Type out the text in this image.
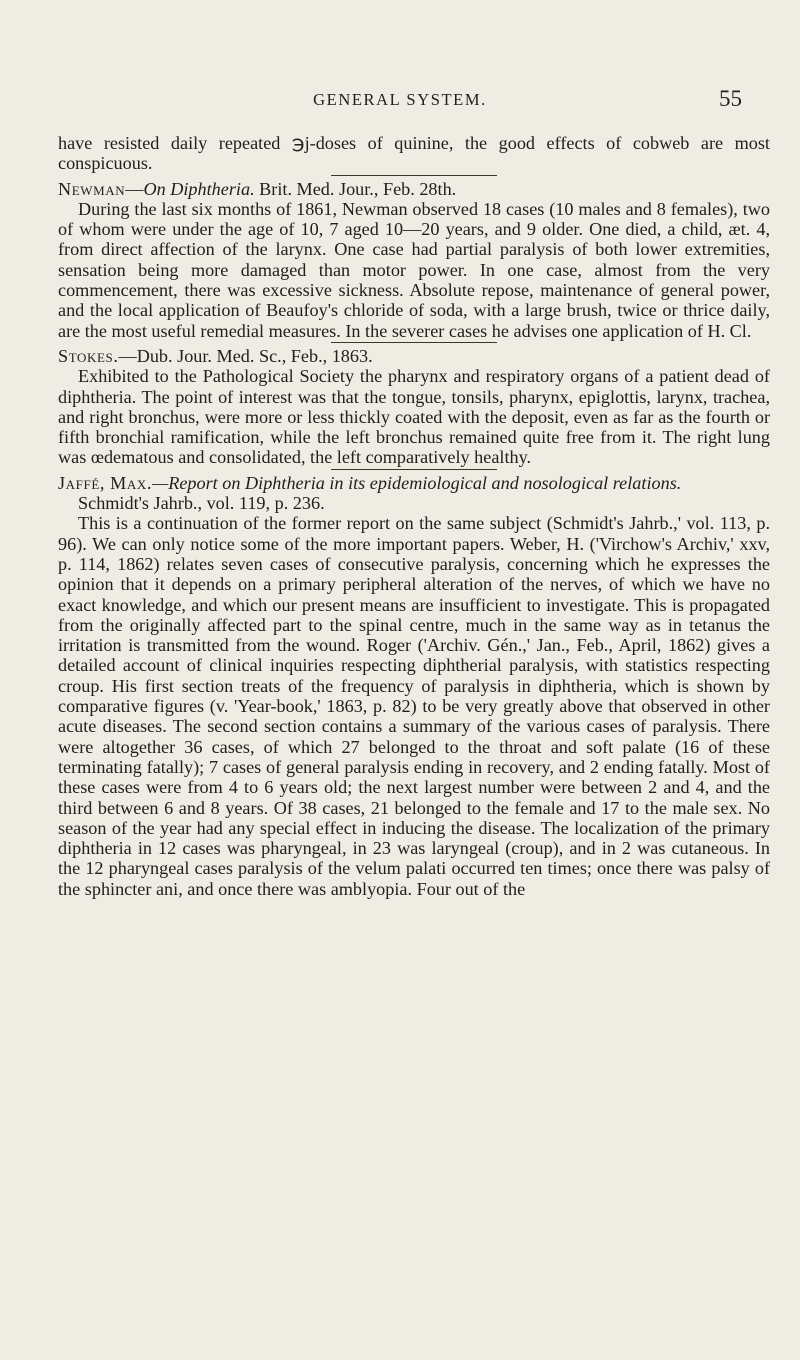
GENERAL SYSTEM.	55

have resisted daily repeated ℈j-doses of quinine, the good effects of cobweb are most conspicuous.

Newman—On Diphtheria. Brit. Med. Jour., Feb. 28th.

During the last six months of 1861, Newman observed 18 cases (10 males and 8 females), two of whom were under the age of 10, 7 aged 10—20 years, and 9 older. One died, a child, æt. 4, from direct affection of the larynx. One case had partial paralysis of both lower extremities, sensation being more damaged than motor power. In one case, almost from the very commencement, there was excessive sickness. Absolute repose, maintenance of general power, and the local application of Beaufoy's chloride of soda, with a large brush, twice or thrice daily, are the most useful remedial measures. In the severer cases he advises one application of H. Cl.

Stokes.—Dub. Jour. Med. Sc., Feb., 1863.

Exhibited to the Pathological Society the pharynx and respiratory organs of a patient dead of diphtheria. The point of interest was that the tongue, tonsils, pharynx, epiglottis, larynx, trachea, and right bronchus, were more or less thickly coated with the deposit, even as far as the fourth or fifth bronchial ramification, while the left bronchus remained quite free from it. The right lung was œdematous and consolidated, the left comparatively healthy.

Jaffé, Max.—Report on Diphtheria in its epidemiological and nosological relations.

Schmidt's Jahrb., vol. 119, p. 236.

This is a continuation of the former report on the same subject (Schmidt's Jahrb.,' vol. 113, p. 96). We can only notice some of the more important papers. Weber, H. ('Virchow's Archiv,' xxv, p. 114, 1862) relates seven cases of consecutive paralysis, concerning which he expresses the opinion that it depends on a primary peripheral alteration of the nerves, of which we have no exact knowledge, and which our present means are insufficient to investigate. This is propagated from the originally affected part to the spinal centre, much in the same way as in tetanus the irritation is transmitted from the wound. Roger ('Archiv. Gén.,' Jan., Feb., April, 1862) gives a detailed account of clinical inquiries respecting diphtherial paralysis, with statistics respecting croup. His first section treats of the frequency of paralysis in diphtheria, which is shown by comparative figures (v. 'Year-book,' 1863, p. 82) to be very greatly above that observed in other acute diseases. The second section contains a summary of the various cases of paralysis. There were altogether 36 cases, of which 27 belonged to the throat and soft palate (16 of these terminating fatally); 7 cases of general paralysis ending in recovery, and 2 ending fatally. Most of these cases were from 4 to 6 years old; the next largest number were between 2 and 4, and the third between 6 and 8 years. Of 38 cases, 21 belonged to the female and 17 to the male sex. No season of the year had any special effect in inducing the disease. The localization of the primary diphtheria in 12 cases was pharyngeal, in 23 was laryngeal (croup), and in 2 was cutaneous. In the 12 pharyngeal cases paralysis of the velum palati occurred ten times; once there was palsy of the sphincter ani, and once there was amblyopia. Four out of the
